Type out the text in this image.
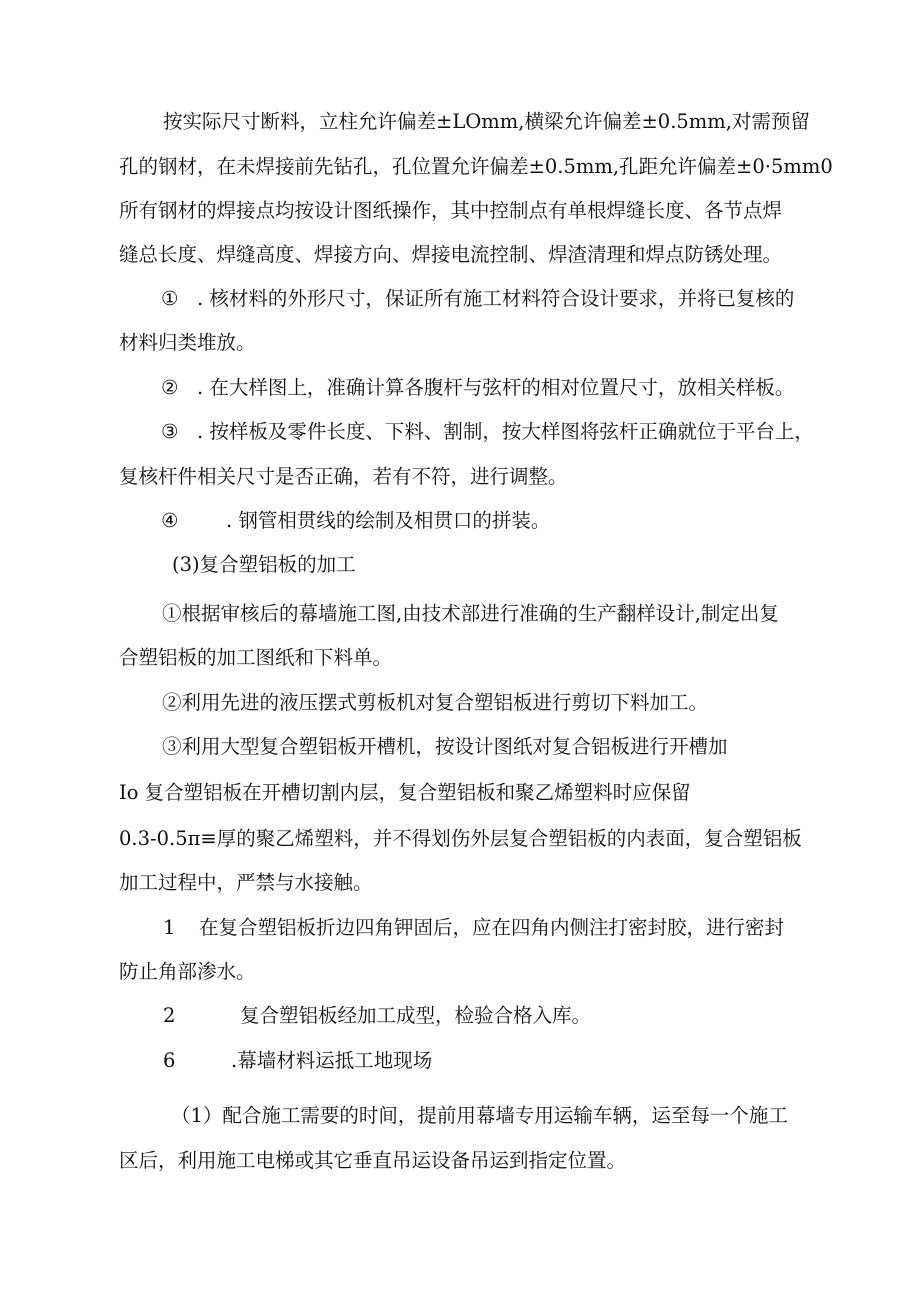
按实际尺寸断料，立柱允许偏差±LOmm,横梁允许偏差±0.5mm,对需预留
孔的钢材，在未焊接前先钻孔，孔位置允许偏差±0.5mm,孔距允许偏差±0·5mm0
所有钢材的焊接点均按设计图纸操作，其中控制点有单根焊缝长度、各节点焊
缝总长度、焊缝高度、焊接方向、焊接电流控制、焊渣清理和焊点防锈处理。
① . 核材料的外形尺寸，保证所有施工材料符合设计要求，并将已复核的
材料归类堆放。
② . 在大样图上，准确计算各腹杆与弦杆的相对位置尺寸，放相关样板。
③ . 按样板及零件长度、下料、割制，按大样图将弦杆正确就位于平台上，
复核杆件相关尺寸是否正确，若有不符，进行调整。
④ . 钢管相贯线的绘制及相贯口的拼装。
(3)复合塑铝板的加工
①根据审核后的幕墙施工图,由技术部进行准确的生产翻样设计,制定出复
合塑铝板的加工图纸和下料单。
②利用先进的液压摆式剪板机对复合塑铝板进行剪切下料加工。
③利用大型复合塑铝板开槽机，按设计图纸对复合铝板进行开槽加
Io 复合塑铝板在开槽切割内层，复合塑铝板和聚乙烯塑料时应保留
0.3-0.5π≡厚的聚乙烯塑料，并不得划伤外层复合塑铝板的内表面，复合塑铝板
加工过程中，严禁与水接触。
1 在复合塑铝板折边四角钾固后，应在四角内侧注打密封胶，进行密封
防止角部渗水。
2	复合塑铝板经加工成型，检验合格入库。
6	.幕墙材料运抵工地现场
（1）配合施工需要的时间，提前用幕墙专用运输车辆，运至每一个施工
区后，利用施工电梯或其它垂直吊运设备吊运到指定位置。
